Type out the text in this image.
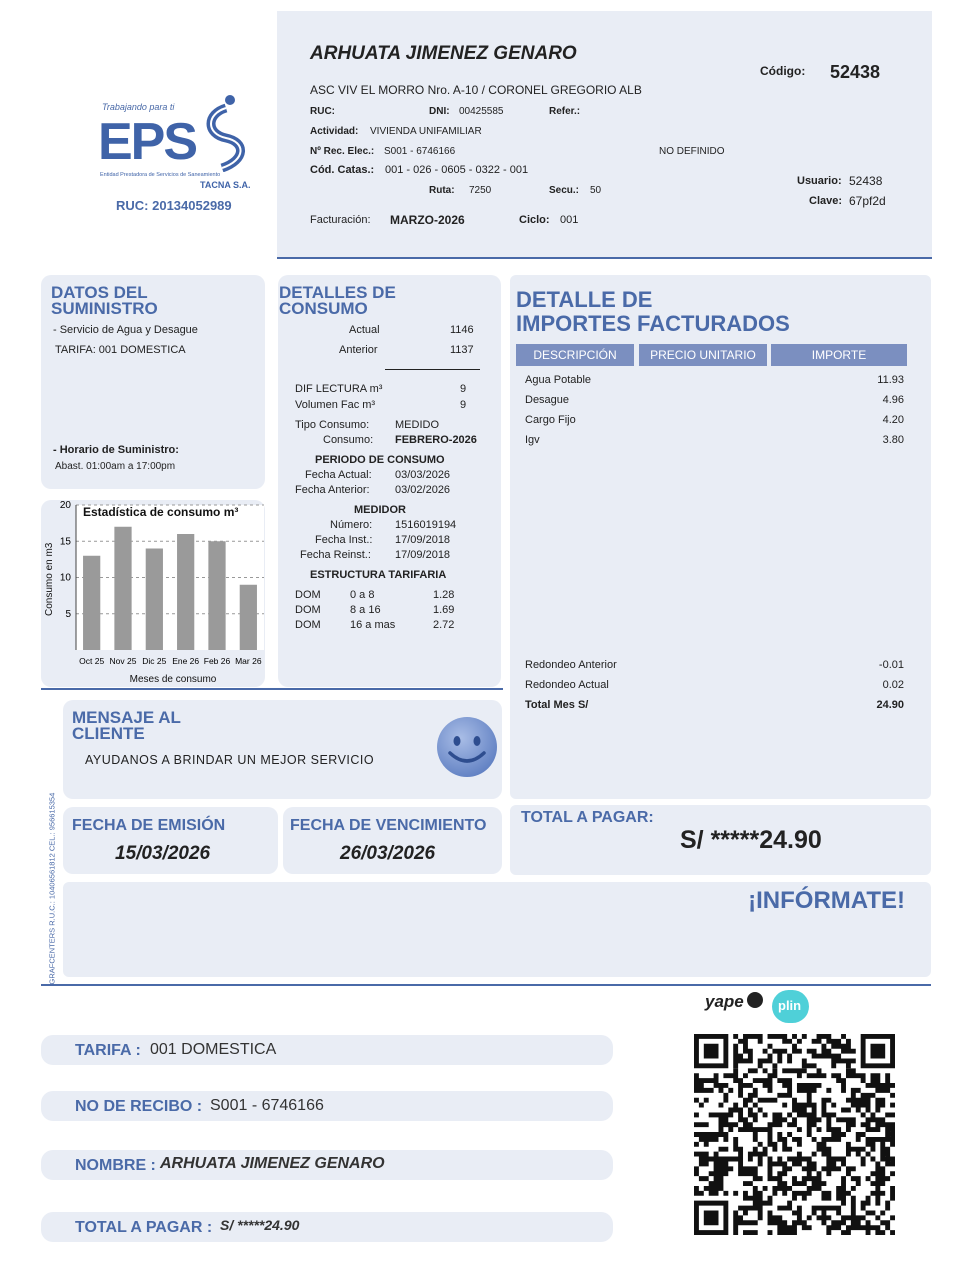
Trabajando para ti
EPS
Entidad Prestadora de Servicios de Saneamiento
TACNA S.A.
RUC: 20134052989
ARHUATA JIMENEZ GENARO
ASC VIV EL MORRO Nro. A-10 / CORONEL GREGORIO ALB
Código: 52438
RUC:	DNI: 00425585	Refer.:
Actividad: VIVIENDA UNIFAMILIAR
Nº Rec. Elec.: S001 - 6746166	NO DEFINIDO
Cód. Catas.: 001 - 026 - 0605 - 0322 - 001
Ruta: 7250	Secu.: 50
Usuario: 52438
Clave: 67pf2d
Facturación: MARZO-2026	Ciclo: 001
DATOS DEL
SUMINISTRO
- Servicio de Agua y Desague
TARIFA: 001 DOMESTICA
- Horario de Suministro:
Abast. 01:00am a 17:00pm
5
10
15
20
Oct 25 Nov 25 Dic 25 Ene 26 Feb 26 Mar 26
Estadística de consumo m³
Consumo en m3
Meses de consumo
DETALLES DE
CONSUMO
Actual	1146
Anterior	1137
DIF LECTURA m³	9
Volumen Fac m³	9
Tipo Consumo: MEDIDO
Consumo: FEBRERO-2026
PERIODO DE CONSUMO
Fecha Actual: 03/03/2026
Fecha Anterior: 03/02/2026
MEDIDOR
Número: 1516019194
Fecha Inst.: 17/09/2018
Fecha Reinst.: 17/09/2018
ESTRUCTURA TARIFARIA
DOM	0 a 8	1.28
DOM	8 a 16	1.69
DOM	16 a mas	2.72
DETALLE DE
IMPORTES FACTURADOS
DESCRIPCIÓN	PRECIO UNITARIO	IMPORTE
Agua Potable	11.93
Desague	4.96
Cargo Fijo	4.20
Igv	3.80
Redondeo Anterior	-0.01
Redondeo Actual	0.02
Total Mes S/	24.90
MENSAJE AL
CLIENTE
AYUDANOS A BRINDAR UN MEJOR SERVICIO
GRAFCENTERS R.U.C.: 10406561812 CEL.: 956615354 FECHA DE EMISIÓN
15/03/2026
FECHA DE VENCIMIENTO
26/03/2026
TOTAL A PAGAR:
S/ *****24.90
¡INFÓRMATE!
yape	plin
TARIFA : 001 DOMESTICA
NO DE RECIBO : S001 - 6746166
NOMBRE : ARHUATA JIMENEZ GENARO
TOTAL A PAGAR : S/ *****24.90
